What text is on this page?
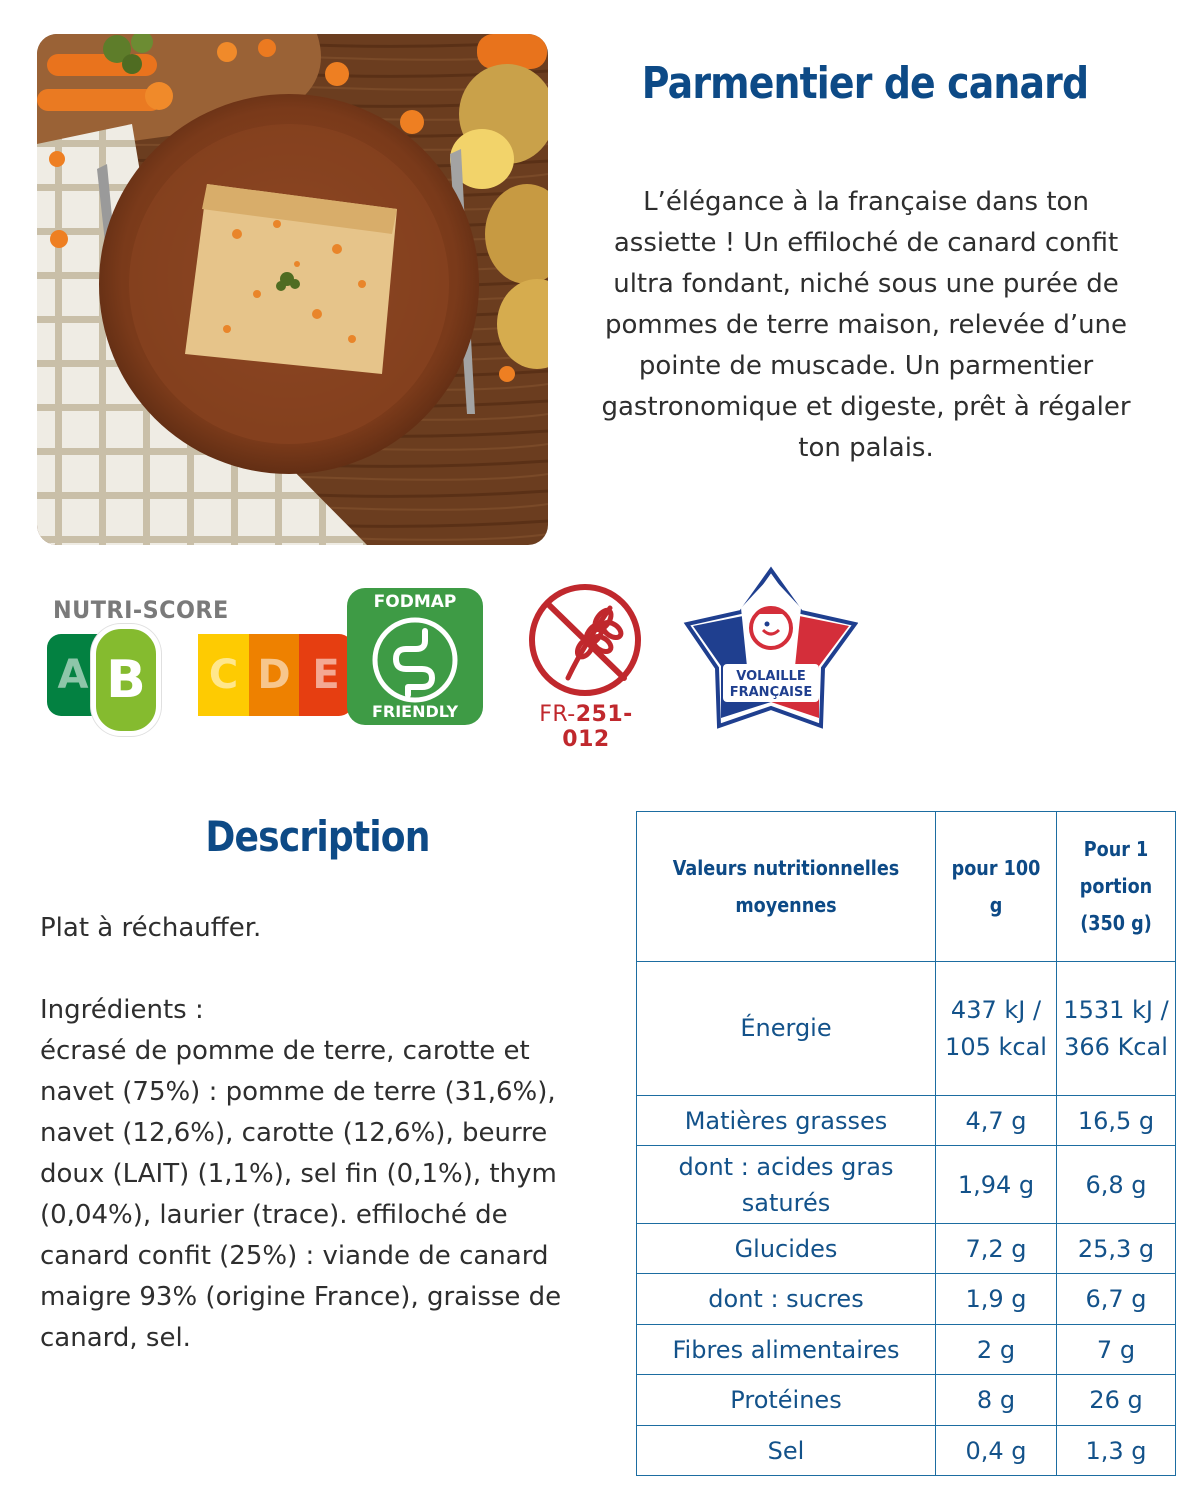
Parmentier de canard
L’élégance à la française dans ton assiette ! Un effiloché de canard confit ultra fondant, niché sous une purée de pommes de terre maison, relevée d’une pointe de muscade. Un parmentier gastronomique et digeste, prêt à régaler ton palais.
NUTRI-SCORE
A	C D E
B
FODMAP
FRIENDLY	FR-251-012
VOLAILLE
FRANÇAISE
Description
Plat à réchauffer.

Ingrédients :
écrasé de pomme de terre, carotte et navet (75%) : pomme de terre (31,6%), navet (12,6%), carotte (12,6%), beurre doux (LAIT) (1,1%), sel fin (0,1%), thym (0,04%), laurier (trace). effiloché de canard confit (25%) : viande de canard maigre 93% (origine France), graisse de canard, sel.
Valeurs nutritionnelles moyennes	pour 100 g	Pour 1 portion (350 g)
Énergie	437 kJ / 105 kcal	1531 kJ / 366 Kcal
Matières grasses	4,7 g	16,5 g
dont : acides gras saturés	1,94 g	6,8 g
Glucides	7,2 g	25,3 g
dont : sucres	1,9 g	6,7 g
Fibres alimentaires	2 g	7 g
Protéines	8 g	26 g
Sel	0,4 g	1,3 g
